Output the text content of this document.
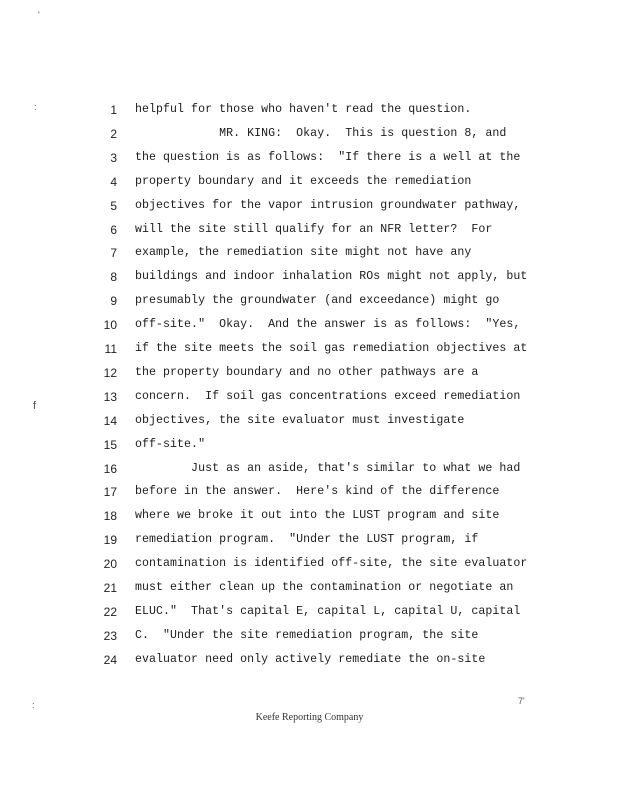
'
:
f
:
1 helpful for those who haven't read the question.
2 MR. KING:  Okay.  This is question 8, and
3 the question is as follows:  "If there is a well at the
4 property boundary and it exceeds the remediation
5 objectives for the vapor intrusion groundwater pathway,
6 will the site still qualify for an NFR letter?  For
7 example, the remediation site might not have any
8 buildings and indoor inhalation ROs might not apply, but
9 presumably the groundwater (and exceedance) might go
10 off-site."  Okay.  And the answer is as follows:  "Yes,
11 if the site meets the soil gas remediation objectives at
12 the property boundary and no other pathways are a
13 concern.  If soil gas concentrations exceed remediation
14 objectives, the site evaluator must investigate
15 off-site."
16 Just as an aside, that's similar to what we had
17 before in the answer.  Here's kind of the difference
18 where we broke it out into the LUST program and site
19 remediation program.  "Under the LUST program, if
20 contamination is identified off-site, the site evaluator
21 must either clean up the contamination or negotiate an
22 ELUC."  That's capital E, capital L, capital U, capital
23 C.  "Under the site remediation program, the site
24 evaluator need only actively remediate the on-site
7'
Keefe Reporting Company
